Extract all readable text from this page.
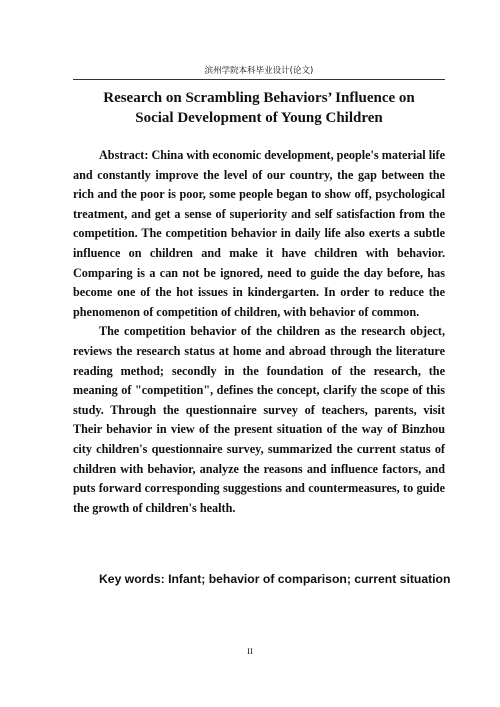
滨州学院本科毕业设计(论文)
Research on Scrambling Behaviors’ Influence on
Social Development of Young Children

Abstract: China with economic development, people's material life and constantly improve the level of our country, the gap between the rich and the poor is poor, some people began to show off, psychological treatment, and get a sense of superiority and self satisfaction from the competition. The competition behavior in daily life also exerts a subtle influence on children and make it have children with behavior. Comparing is a can not be ignored, need to guide the day before, has become one of the hot issues in kindergarten. In order to reduce the phenomenon of competition of children, with behavior of common.

The competition behavior of the children as the research object, reviews the research status at home and abroad through the literature reading method; secondly in the foundation of the research, the meaning of "competition", defines the concept, clarify the scope of this study. Through the questionnaire survey of teachers, parents, visit Their behavior in view of the present situation of the way of Binzhou city children's questionnaire survey, summarized the current status of children with behavior, analyze the reasons and influence factors, and puts forward corresponding suggestions and countermeasures, to guide the growth of children's health.

Key words: Infant; behavior of comparison; current situation
II
